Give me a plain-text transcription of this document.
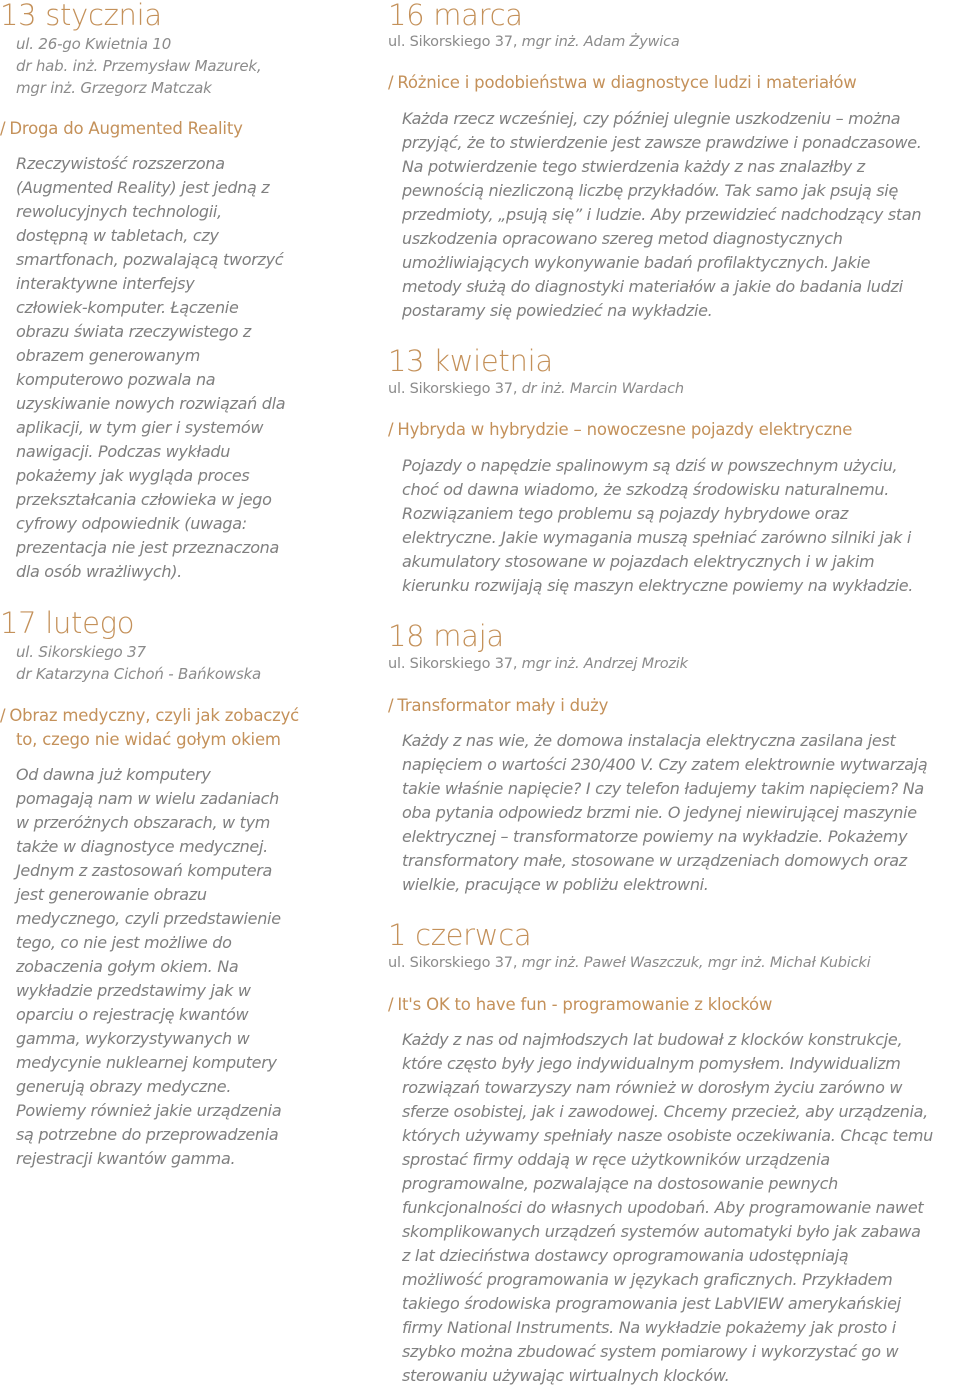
13 stycznia
ul. 26-go Kwietnia 10
dr hab. inż. Przemysław Mazurek,
mgr inż. Grzegorz Matczak
/ Droga do Augmented Reality
Rzeczywistość rozszerzona
(Augmented Reality) jest jedną z
rewolucyjnych technologii,
dostępną w tabletach, czy
smartfonach, pozwalającą tworzyć
interaktywne interfejsy
człowiek-komputer. Łączenie
obrazu świata rzeczywistego z
obrazem generowanym
komputerowo pozwala na
uzyskiwanie nowych rozwiązań dla
aplikacji, w tym gier i systemów
nawigacji. Podczas wykładu
pokażemy jak wygląda proces
przekształcania człowieka w jego
cyfrowy odpowiednik (uwaga:
prezentacja nie jest przeznaczona
dla osób wrażliwych).
17 lutego
ul. Sikorskiego 37
dr Katarzyna Cichoń - Bańkowska
/ Obraz medyczny, czyli jak zobaczyć
to, czego nie widać gołym okiem
Od dawna już komputery
pomagają nam w wielu zadaniach
w przeróżnych obszarach, w tym
także w diagnostyce medycznej.
Jednym z zastosowań komputera
jest generowanie obrazu
medycznego, czyli przedstawienie
tego, co nie jest możliwe do
zobaczenia gołym okiem. Na
wykładzie przedstawimy jak w
oparciu o rejestrację kwantów
gamma, wykorzystywanych w
medycynie nuklearnej komputery
generują obrazy medyczne.
Powiemy również jakie urządzenia
są potrzebne do przeprowadzenia
rejestracji kwantów gamma.
16 marca
ul. Sikorskiego 37, mgr inż. Adam Żywica
/ Różnice i podobieństwa w diagnostyce ludzi i materiałów
Każda rzecz wcześniej, czy później ulegnie uszkodzeniu – można
przyjąć, że to stwierdzenie jest zawsze prawdziwe i ponadczasowe.
Na potwierdzenie tego stwierdzenia każdy z nas znalazłby z
pewnością niezliczoną liczbę przykładów. Tak samo jak psują się
przedmioty, „psują się” i ludzie. Aby przewidzieć nadchodzący stan
uszkodzenia opracowano szereg metod diagnostycznych
umożliwiających wykonywanie badań profilaktycznych. Jakie
metody służą do diagnostyki materiałów a jakie do badania ludzi
postaramy się powiedzieć na wykładzie.
13 kwietnia
ul. Sikorskiego 37, dr inż. Marcin Wardach
/ Hybryda w hybrydzie – nowoczesne pojazdy elektryczne
Pojazdy o napędzie spalinowym są dziś w powszechnym użyciu,
choć od dawna wiadomo, że szkodzą środowisku naturalnemu.
Rozwiązaniem tego problemu są pojazdy hybrydowe oraz
elektryczne. Jakie wymagania muszą spełniać zarówno silniki jak i
akumulatory stosowane w pojazdach elektrycznych i w jakim
kierunku rozwijają się maszyn elektryczne powiemy na wykładzie.
18 maja
ul. Sikorskiego 37, mgr inż. Andrzej Mrozik
/ Transformator mały i duży
Każdy z nas wie, że domowa instalacja elektryczna zasilana jest
napięciem o wartości 230/400 V. Czy zatem elektrownie wytwarzają
takie właśnie napięcie? I czy telefon ładujemy takim napięciem? Na
oba pytania odpowiedz brzmi nie. O jedynej niewirującej maszynie
elektrycznej – transformatorze powiemy na wykładzie. Pokażemy
transformatory małe, stosowane w urządzeniach domowych oraz
wielkie, pracujące w pobliżu elektrowni.
1 czerwca
ul. Sikorskiego 37, mgr inż. Paweł Waszczuk, mgr inż. Michał Kubicki
/ It's OK to have fun - programowanie z klocków
Każdy z nas od najmłodszych lat budował z klocków konstrukcje,
które często były jego indywidualnym pomysłem. Indywidualizm
rozwiązań towarzyszy nam również w dorosłym życiu zarówno w
sferze osobistej, jak i zawodowej. Chcemy przecież, aby urządzenia,
których używamy spełniały nasze osobiste oczekiwania. Chcąc temu
sprostać firmy oddają w ręce użytkowników urządzenia
programowalne, pozwalające na dostosowanie pewnych
funkcjonalności do własnych upodobań. Aby programowanie nawet
skomplikowanych urządzeń systemów automatyki było jak zabawa
z lat dzieciństwa dostawcy oprogramowania udostępniają
możliwość programowania w językach graficznych. Przykładem
takiego środowiska programowania jest LabVIEW amerykańskiej
firmy National Instruments. Na wykładzie pokażemy jak prosto i
szybko można zbudować system pomiarowy i wykorzystać go w
sterowaniu używając wirtualnych klocków.
